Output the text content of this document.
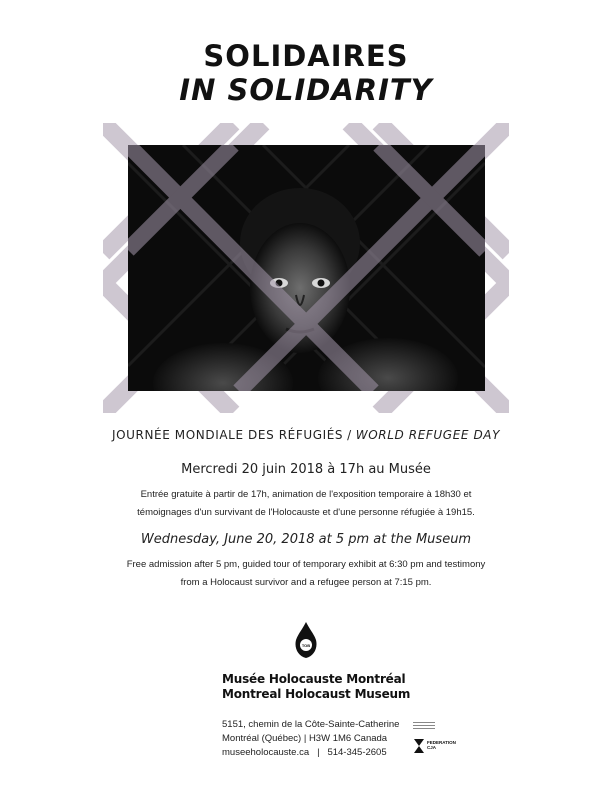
SOLIDAIRES
IN SOLIDARITY
JOURNÉE MONDIALE DES RÉFUGIÉS / WORLD REFUGEE DAY
Mercredi 20 juin 2018 à 17h au Musée
Entrée gratuite à partir de 17h, animation de l'exposition temporaire à 18h30 et
témoignages d'un survivant de l'Holocauste et d'une personne réfugiée à 19h15.
Wednesday, June 20, 2018 at 5 pm at the Museum
Free admission after 5 pm, guided tour of temporary exhibit at 6:30 pm and testimony
from a Holocaust survivor and a refugee person at 7:15 pm.
TOB
Musée Holocauste Montréal
Montreal Holocaust Museum
5151, chemin de la Côte-Sainte-Catherine
Montréal (Québec) | H3W 1M6 Canada
museeholocauste.ca | 514-345-2605
FEDERATION
CJA
